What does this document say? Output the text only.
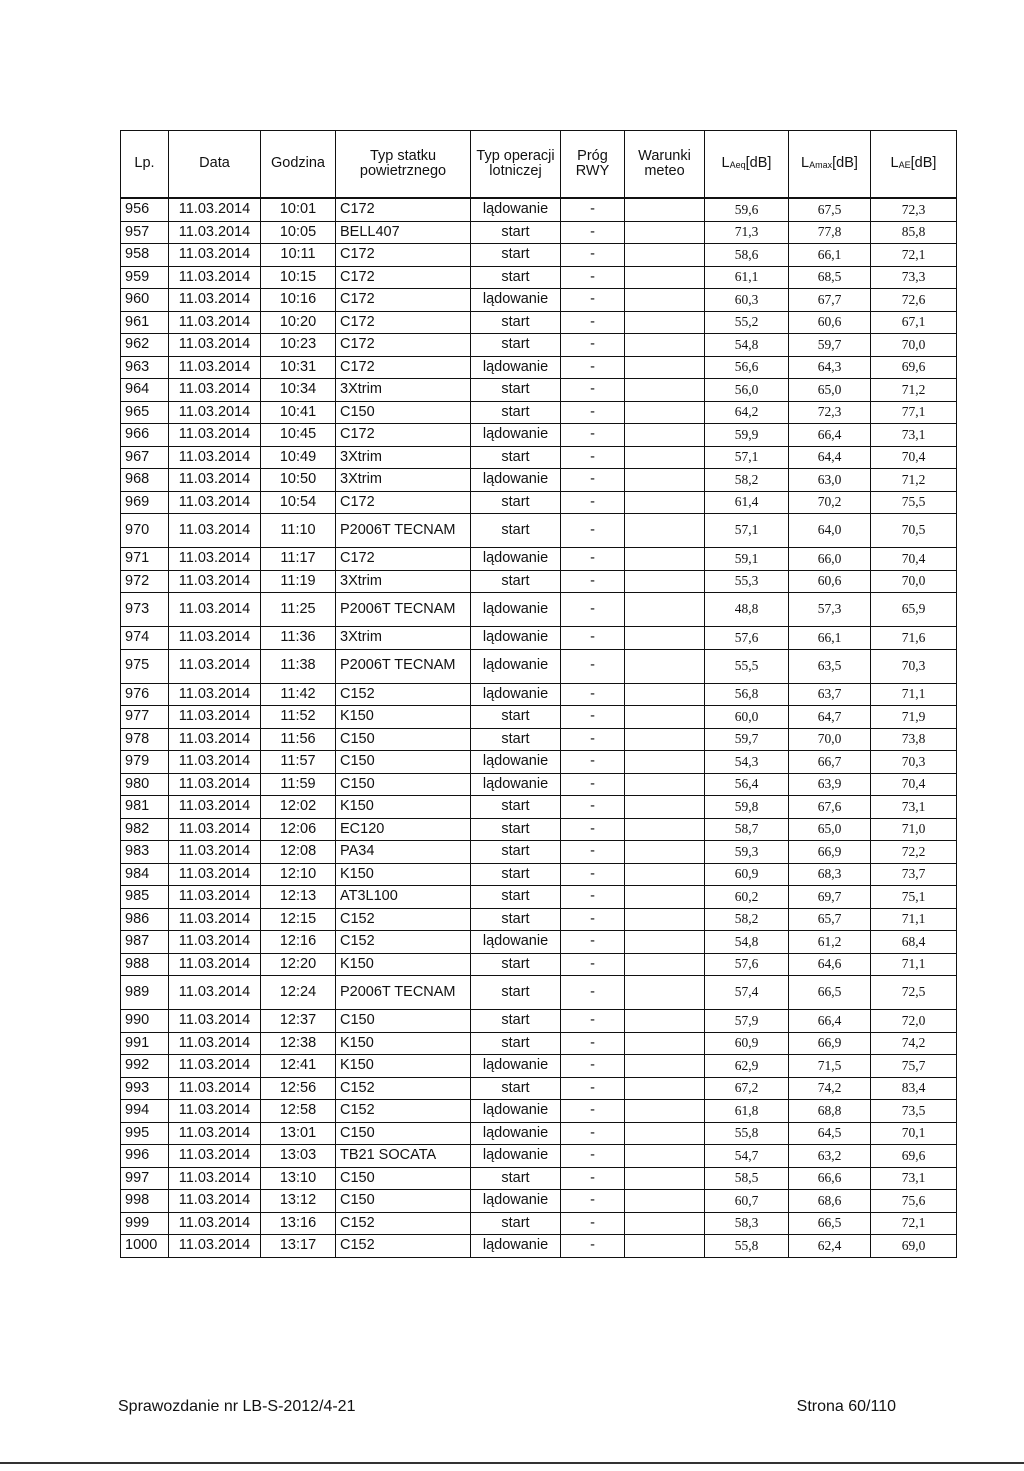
Lp.	Data	Godzina	Typ statku powietrznego	Typ operacji lotniczej	Próg RWY	Warunki meteo	$L_{Aeq}[dB]$	$L_{Amax}[dB]$	$L_{AE}[dB]$
956	11.03.2014	10:01	C172	lądowanie	-		59,6	67,5	72,3
957	11.03.2014	10:05	BELL407	start	-		71,3	77,8	85,8
958	11.03.2014	10:11	C172	start	-		58,6	66,1	72,1
959	11.03.2014	10:15	C172	start	-		61,1	68,5	73,3
960	11.03.2014	10:16	C172	lądowanie	-		60,3	67,7	72,6
961	11.03.2014	10:20	C172	start	-		55,2	60,6	67,1
962	11.03.2014	10:23	C172	start	-		54,8	59,7	70,0
963	11.03.2014	10:31	C172	lądowanie	-		56,6	64,3	69,6
964	11.03.2014	10:34	3Xtrim	start	-		56,0	65,0	71,2
965	11.03.2014	10:41	C150	start	-		64,2	72,3	77,1
966	11.03.2014	10:45	C172	lądowanie	-		59,9	66,4	73,1
967	11.03.2014	10:49	3Xtrim	start	-		57,1	64,4	70,4
968	11.03.2014	10:50	3Xtrim	lądowanie	-		58,2	63,0	71,2
969	11.03.2014	10:54	C172	start	-		61,4	70,2	75,5
970	11.03.2014	11:10	P2006T TECNAM	start	-		57,1	64,0	70,5
971	11.03.2014	11:17	C172	lądowanie	-		59,1	66,0	70,4
972	11.03.2014	11:19	3Xtrim	start	-		55,3	60,6	70,0
973	11.03.2014	11:25	P2006T TECNAM	lądowanie	-		48,8	57,3	65,9
974	11.03.2014	11:36	3Xtrim	lądowanie	-		57,6	66,1	71,6
975	11.03.2014	11:38	P2006T TECNAM	lądowanie	-		55,5	63,5	70,3
976	11.03.2014	11:42	C152	lądowanie	-		56,8	63,7	71,1
977	11.03.2014	11:52	K150	start	-		60,0	64,7	71,9
978	11.03.2014	11:56	C150	start	-		59,7	70,0	73,8
979	11.03.2014	11:57	C150	lądowanie	-		54,3	66,7	70,3
980	11.03.2014	11:59	C150	lądowanie	-		56,4	63,9	70,4
981	11.03.2014	12:02	K150	start	-		59,8	67,6	73,1
982	11.03.2014	12:06	EC120	start	-		58,7	65,0	71,0
983	11.03.2014	12:08	PA34	start	-		59,3	66,9	72,2
984	11.03.2014	12:10	K150	start	-		60,9	68,3	73,7
985	11.03.2014	12:13	AT3L100	start	-		60,2	69,7	75,1
986	11.03.2014	12:15	C152	start	-		58,2	65,7	71,1
987	11.03.2014	12:16	C152	lądowanie	-		54,8	61,2	68,4
988	11.03.2014	12:20	K150	start	-		57,6	64,6	71,1
989	11.03.2014	12:24	P2006T TECNAM	start	-		57,4	66,5	72,5
990	11.03.2014	12:37	C150	start	-		57,9	66,4	72,0
991	11.03.2014	12:38	K150	start	-		60,9	66,9	74,2
992	11.03.2014	12:41	K150	lądowanie	-		62,9	71,5	75,7
993	11.03.2014	12:56	C152	start	-		67,2	74,2	83,4
994	11.03.2014	12:58	C152	lądowanie	-		61,8	68,8	73,5
995	11.03.2014	13:01	C150	lądowanie	-		55,8	64,5	70,1
996	11.03.2014	13:03	TB21 SOCATA	lądowanie	-		54,7	63,2	69,6
997	11.03.2014	13:10	C150	start	-		58,5	66,6	73,1
998	11.03.2014	13:12	C150	lądowanie	-		60,7	68,6	75,6
999	11.03.2014	13:16	C152	start	-		58,3	66,5	72,1
1000	11.03.2014	13:17	C152	lądowanie	-		55,8	62,4	69,0
Sprawozdanie nr LB-S-2012/4-21	Strona 60/110
